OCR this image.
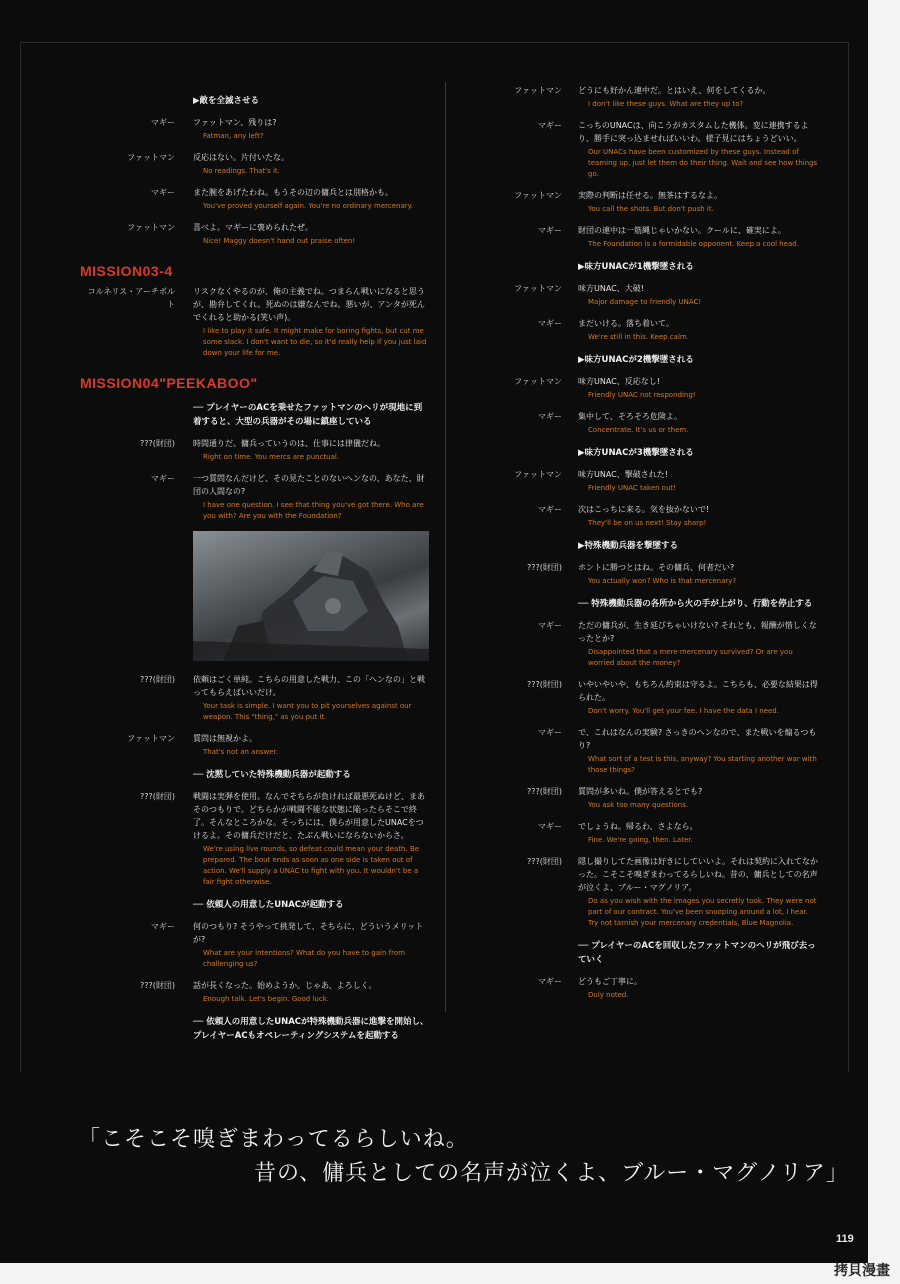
▶敵を全滅させる
マギー ファットマン、残りは?
Fatman, any left?
ファットマン 反応はない。片付いたな。
No readings. That's it.
マギー また腕をあげたわね。もうその辺の傭兵とは別格かも。
You've proved yourself again. You're no ordinary mercenary.
ファットマン 喜べよ。マギーに褒められたぜ。
Nice! Maggy doesn't hand out praise often!
MISSION03-4
コルネリス・アーチボルト
リスクなくやるのが、俺の主義でね。つまらん戦いになると思うが、勘弁してくれ。死ぬのは嫌なんでね。悪いが、アンタが死んでくれると助かる(笑い声)。
I like to play it safe. It might make for boring fights, but cut me some slack. I don't want to die, so it'd really help if you just laid down your life for me.
MISSION04"PEEKABOO"
── プレイヤーのACを乗せたファットマンのヘリが現地に到着すると、大型の兵器がその場に鎮座している
???(財団) 時間通りだ。傭兵っていうのは、仕事には律儀だね。
Right on time. You mercs are punctual.
マギー 一つ質問なんだけど、その見たことのないヘンなの、あなた、財団の人間なの?
I have one question. I see that thing you've got there. Who are you with? Are you with the Foundation?
???(財団) 依頼はごく単純。こちらの用意した戦力、この「ヘンなの」と戦ってもらえばいいだけ。
Your task is simple. I want you to pit yourselves against our weapon. This "thing," as you put it.
ファットマン 質問は無視かよ。
That's not an answer.
── 沈黙していた特殊機動兵器が起動する
???(財団) 戦闘は実弾を使用。なんでそちらが負ければ最悪死ぬけど、まあそのつもりで。どちらかが戦闘不能な状態に陥ったらそこで終了。そんなところかな。そっちには、僕らが用意したUNACをつけるよ。その傭兵だけだと、たぶん戦いにならないからさ。
We're using live rounds, so defeat could mean your death. Be prepared. The bout ends as soon as one side is taken out of action. We'll supply a UNAC to fight with you. It wouldn't be a fair fight otherwise.
── 依頼人の用意したUNACが起動する
マギー 何のつもり? そうやって挑発して、そちらに、どういうメリットが?
What are your intentions? What do you have to gain from challenging us?
???(財団) 話が長くなった。始めようか。じゃあ、よろしく。
Enough talk. Let's begin. Good luck.
── 依頼人の用意したUNACが特殊機動兵器に進撃を開始し、プレイヤーACもオペレーティングシステムを起動する
ファットマン どうにも好かん連中だ。とはいえ、何をしてくるか。
I don't like these guys. What are they up to?
マギー こっちのUNACは、向こうがカスタムした機体。変に連携するより、勝手に突っ込ませればいいわ。様子見にはちょうどいい。
Our UNACs have been customized by these guys. Instead of teaming up, just let them do their thing. Wait and see how things go.
ファットマン 実際の判断は任せる。無茶はするなよ。
You call the shots. But don't push it.
マギー 財団の連中は一筋縄じゃいかない。クールに、確実によ。
The Foundation is a formidable opponent. Keep a cool head.
▶味方UNACが1機撃墜される
ファットマン 味方UNAC、大破!
Major damage to friendly UNAC!
マギー まだいける。落ち着いて。
We're still in this. Keep calm.
▶味方UNACが2機撃墜される
ファットマン 味方UNAC、反応なし!
Friendly UNAC not responding!
マギー 集中して、そろそろ危険よ。
Concentrate. It's us or them.
▶味方UNACが3機撃墜される
ファットマン 味方UNAC、撃破された!
Friendly UNAC taken out!
マギー 次はこっちに来る。気を抜かないで!
They'll be on us next! Stay sharp!
▶特殊機動兵器を撃墜する
???(財団) ホントに勝つとはね。その傭兵、何者だい?
You actually won? Who is that mercenary?
── 特殊機動兵器の各所から火の手が上がり、行動を停止する
マギー ただの傭兵が、生き延びちゃいけない? それとも、報酬が惜しくなったとか?
Disappointed that a mere mercenary survived? Or are you worried about the money?
???(財団) いやいやいや、もちろん約束は守るよ。こちらも、必要な結果は得られた。
Don't worry. You'll get your fee. I have the data I need.
マギー で、これはなんの実験? さっきのヘンなので、また戦いを煽るつもり?
What sort of a test is this, anyway? You starting another war with those things?
???(財団) 質問が多いね。僕が答えるとでも?
You ask too many questions.
マギー でしょうね。帰るわ、さよなら。
Fine. We're going, then. Later.
???(財団) 隠し撮りしてた画像は好きにしていいよ。それは契約に入れてなかった。こそこそ嗅ぎまわってるらしいね。昔の、傭兵としての名声が泣くよ、ブルー・マグノリア。
Do as you wish with the images you secretly took. They were not part of our contract. You've been snooping around a lot, I hear. Try not tarnish your mercenary credentials, Blue Magnolia.
── プレイヤーのACを回収したファットマンのヘリが飛び去っていく
マギー どうもご丁寧に。
Duly noted.
「こそこそ嗅ぎまわってるらしいね。
昔の、傭兵としての名声が泣くよ、ブルー・マグノリア」
119
拷貝漫畫
